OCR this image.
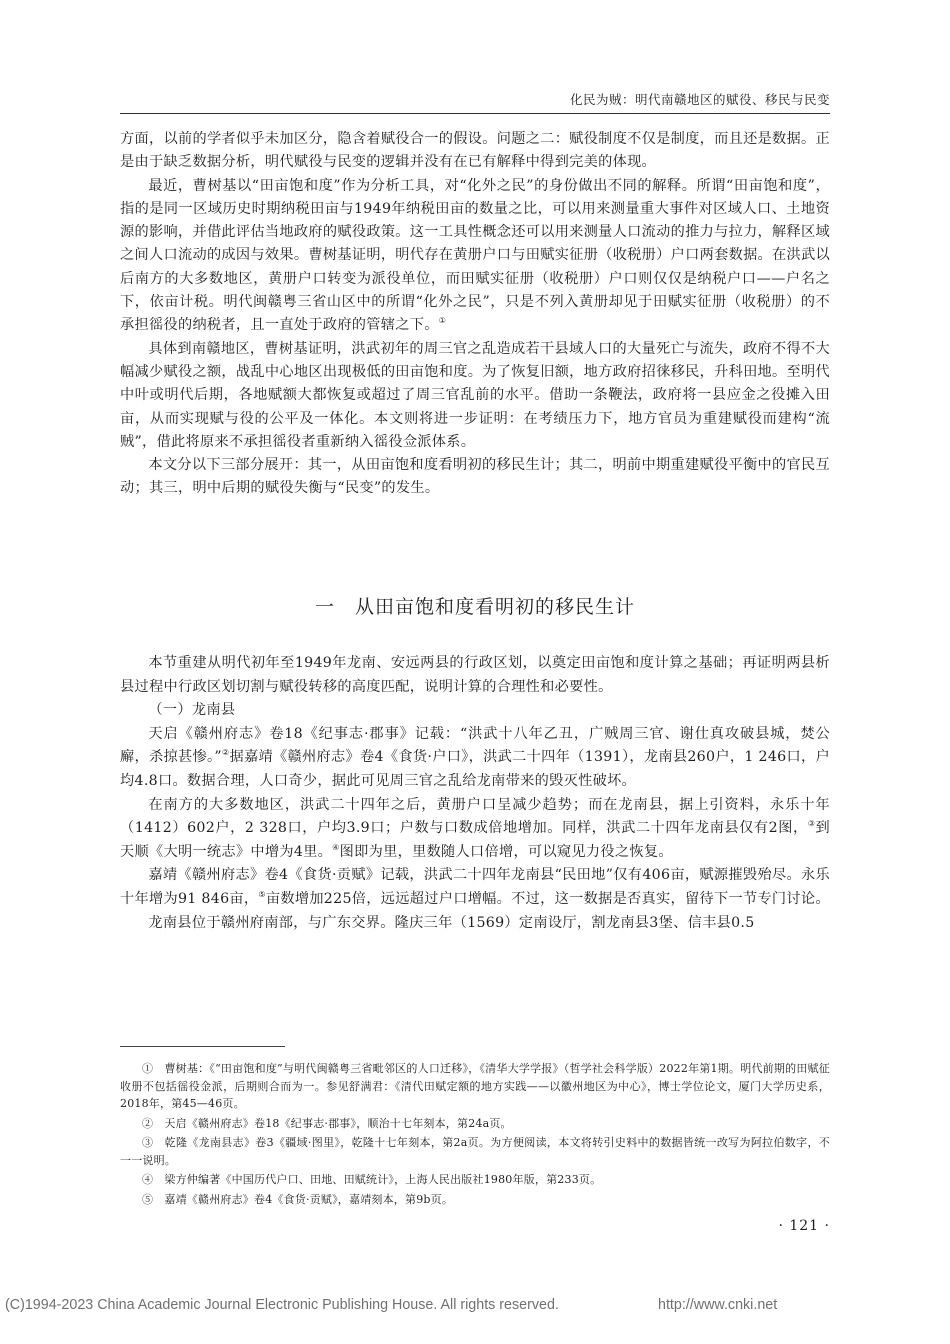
化民为贼：明代南赣地区的赋役、移民与民变

方面，以前的学者似乎未加区分，隐含着赋役合一的假设。问题之二：赋役制度不仅是制度，而且还是数据。正是由于缺乏数据分析，明代赋役与民变的逻辑并没有在已有解释中得到完美的体现。

最近，曹树基以“田亩饱和度”作为分析工具，对“化外之民”的身份做出不同的解释。所谓“田亩饱和度”，指的是同一区域历史时期纳税田亩与1949年纳税田亩的数量之比，可以用来测量重大事件对区域人口、土地资源的影响，并借此评估当地政府的赋役政策。这一工具性概念还可以用来测量人口流动的推力与拉力，解释区域之间人口流动的成因与效果。曹树基证明，明代存在黄册户口与田赋实征册（收税册）户口两套数据。在洪武以后南方的大多数地区，黄册户口转变为派役单位，而田赋实征册（收税册）户口则仅仅是纳税户口——户名之下，依亩计税。明代闽赣粤三省山区中的所谓“化外之民”，只是不列入黄册却见于田赋实征册（收税册）的不承担徭役的纳税者，且一直处于政府的管辖之下。①

具体到南赣地区，曹树基证明，洪武初年的周三官之乱造成若干县域人口的大量死亡与流失，政府不得不大幅减少赋役之额，战乱中心地区出现极低的田亩饱和度。为了恢复旧额，地方政府招徕移民，升科田地。至明代中叶或明代后期，各地赋额大都恢复或超过了周三官乱前的水平。借助一条鞭法，政府将一县应金之役摊入田亩，从而实现赋与役的公平及一体化。本文则将进一步证明：在考绩压力下，地方官员为重建赋役而建构“流贼”，借此将原来不承担徭役者重新纳入徭役佥派体系。

本文分以下三部分展开：其一，从田亩饱和度看明初的移民生计；其二，明前中期重建赋役平衡中的官民互动；其三，明中后期的赋役失衡与“民变”的发生。

一　从田亩饱和度看明初的移民生计

本节重建从明代初年至1949年龙南、安远两县的行政区划，以奠定田亩饱和度计算之基础；再证明两县析县过程中行政区划切割与赋役转移的高度匹配，说明计算的合理性和必要性。

（一）龙南县

天启《赣州府志》卷18《纪事志·郡事》记载：“洪武十八年乙丑，广贼周三官、谢仕真攻破县城，焚公廨，杀掠甚惨。”②据嘉靖《赣州府志》卷4《食货·户口》，洪武二十四年（1391），龙南县260户，1 246口，户均4.8口。数据合理，人口奇少，据此可见周三官之乱给龙南带来的毁灭性破坏。

在南方的大多数地区，洪武二十四年之后，黄册户口呈减少趋势；而在龙南县，据上引资料，永乐十年（1412）602户，2 328口，户均3.9口；户数与口数成倍地增加。同样，洪武二十四年龙南县仅有2图，③到天顺《大明一统志》中增为4里。④图即为里，里数随人口倍增，可以窥见力役之恢复。

嘉靖《赣州府志》卷4《食货·贡赋》记载，洪武二十四年龙南县“民田地”仅有406亩，赋源摧毁殆尽。永乐十年增为91 846亩，⑤亩数增加225倍，远远超过户口增幅。不过，这一数据是否真实，留待下一节专门讨论。

龙南县位于赣州府南部，与广东交界。隆庆三年（1569）定南设厅，割龙南县3堡、信丰县0.5

①　曹树基：《“田亩饱和度”与明代闽赣粤三省毗邻区的人口迁移》，《清华大学学报》（哲学社会科学版）2022年第1期。明代前期的田赋征收册不包括徭役金派，后期则合而为一。参见舒满君：《清代田赋定额的地方实践——以徽州地区为中心》，博士学位论文，厦门大学历史系，2018年，第45—46页。

②　天启《赣州府志》卷18《纪事志·郡事》，顺治十七年刻本，第24a页。

③　乾隆《龙南县志》卷3《疆域·图里》，乾隆十七年刻本，第2a页。为方便阅读，本文将转引史料中的数据皆统一改写为阿拉伯数字，不一一说明。

④　梁方仲编著《中国历代户口、田地、田赋统计》，上海人民出版社1980年版，第233页。

⑤　嘉靖《赣州府志》卷4《食货·贡赋》，嘉靖刻本，第9b页。

· 121 ·
(C)1994-2023 China Academic Journal Electronic Publishing House. All rights reserved.	http://www.cnki.net
